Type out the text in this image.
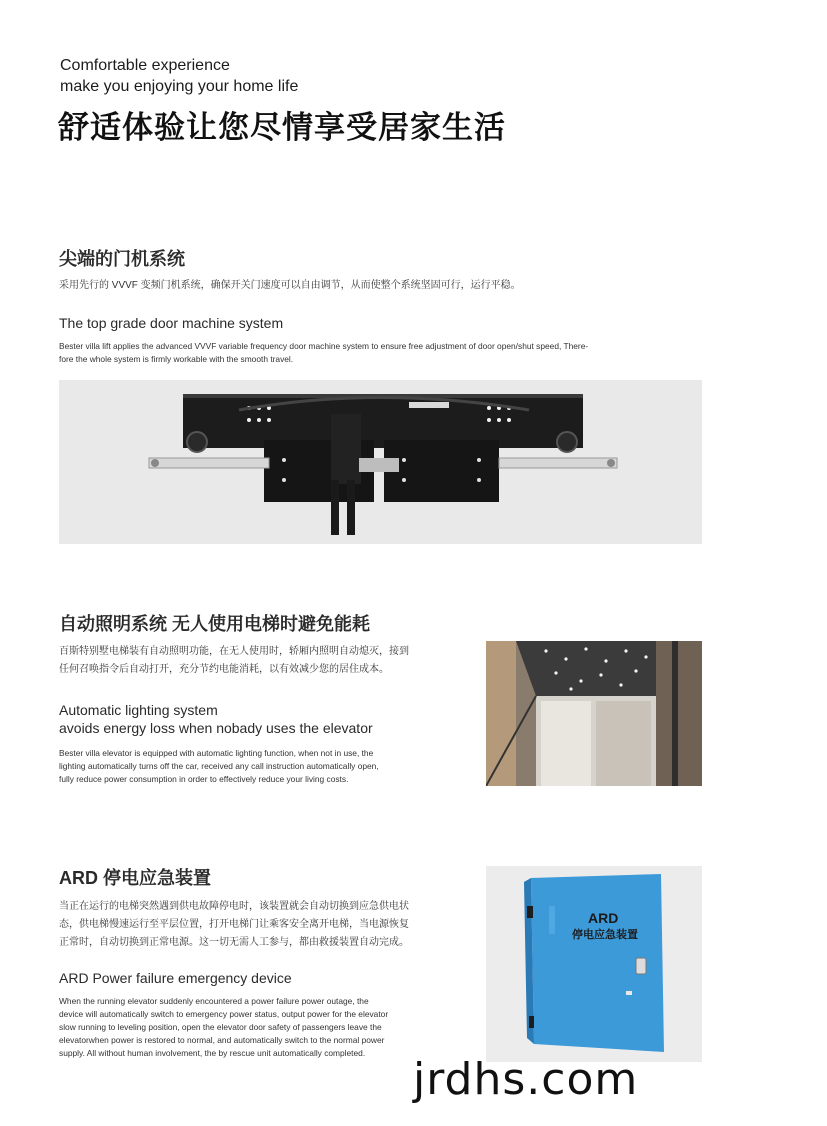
Comfortable experience
make you enjoying your home life
舒适体验让您尽情享受居家生活
尖端的门机系统
采用先行的 VVVF 变频门机系统，确保开关门速度可以自由调节，从而使整个系统坚固可行，运行平稳。
The top grade door machine system
Bester villa lift applies the advanced VVVF variable frequency door machine system to ensure free adjustment of door open/shut speed, There-
fore the whole system is firmly workable with the smooth travel.
自动照明系统 无人使用电梯时避免能耗
百斯特别墅电梯装有自动照明功能，在无人使用时，轿厢内照明自动熄灭，接到
任何召唤指令后自动打开，充分节约电能消耗，以有效减少您的居住成本。
Automatic lighting system
avoids energy loss when nobady uses the elevator
Bester villa elevator is equipped with automatic lighting function, when not in use, the
lighting automatically turns off the car, received any call instruction automatically open,
fully reduce power consumption in order to effectively reduce your living costs.
ARD 停电应急装置
当正在运行的电梯突然遇到供电故障停电时，该装置就会自动切换到应急供电状
态，供电梯慢速运行至平层位置，打开电梯门让乘客安全离开电梯，当电源恢复
正常时，自动切换到正常电源。这一切无需人工参与，都由救援装置自动完成。
ARD Power failure emergency device
When the running elevator suddenly encountered a power failure power outage, the
device will automatically switch to emergency power status, output power for the elevator
slow running to leveling position, open the elevator door safety of passengers leave the
elevatorwhen power is restored to normal, and automatically switch to the normal power
supply. All without human involvement, the by rescue unit automatically completed.
ARD
停电应急装置
jrdhs.com
